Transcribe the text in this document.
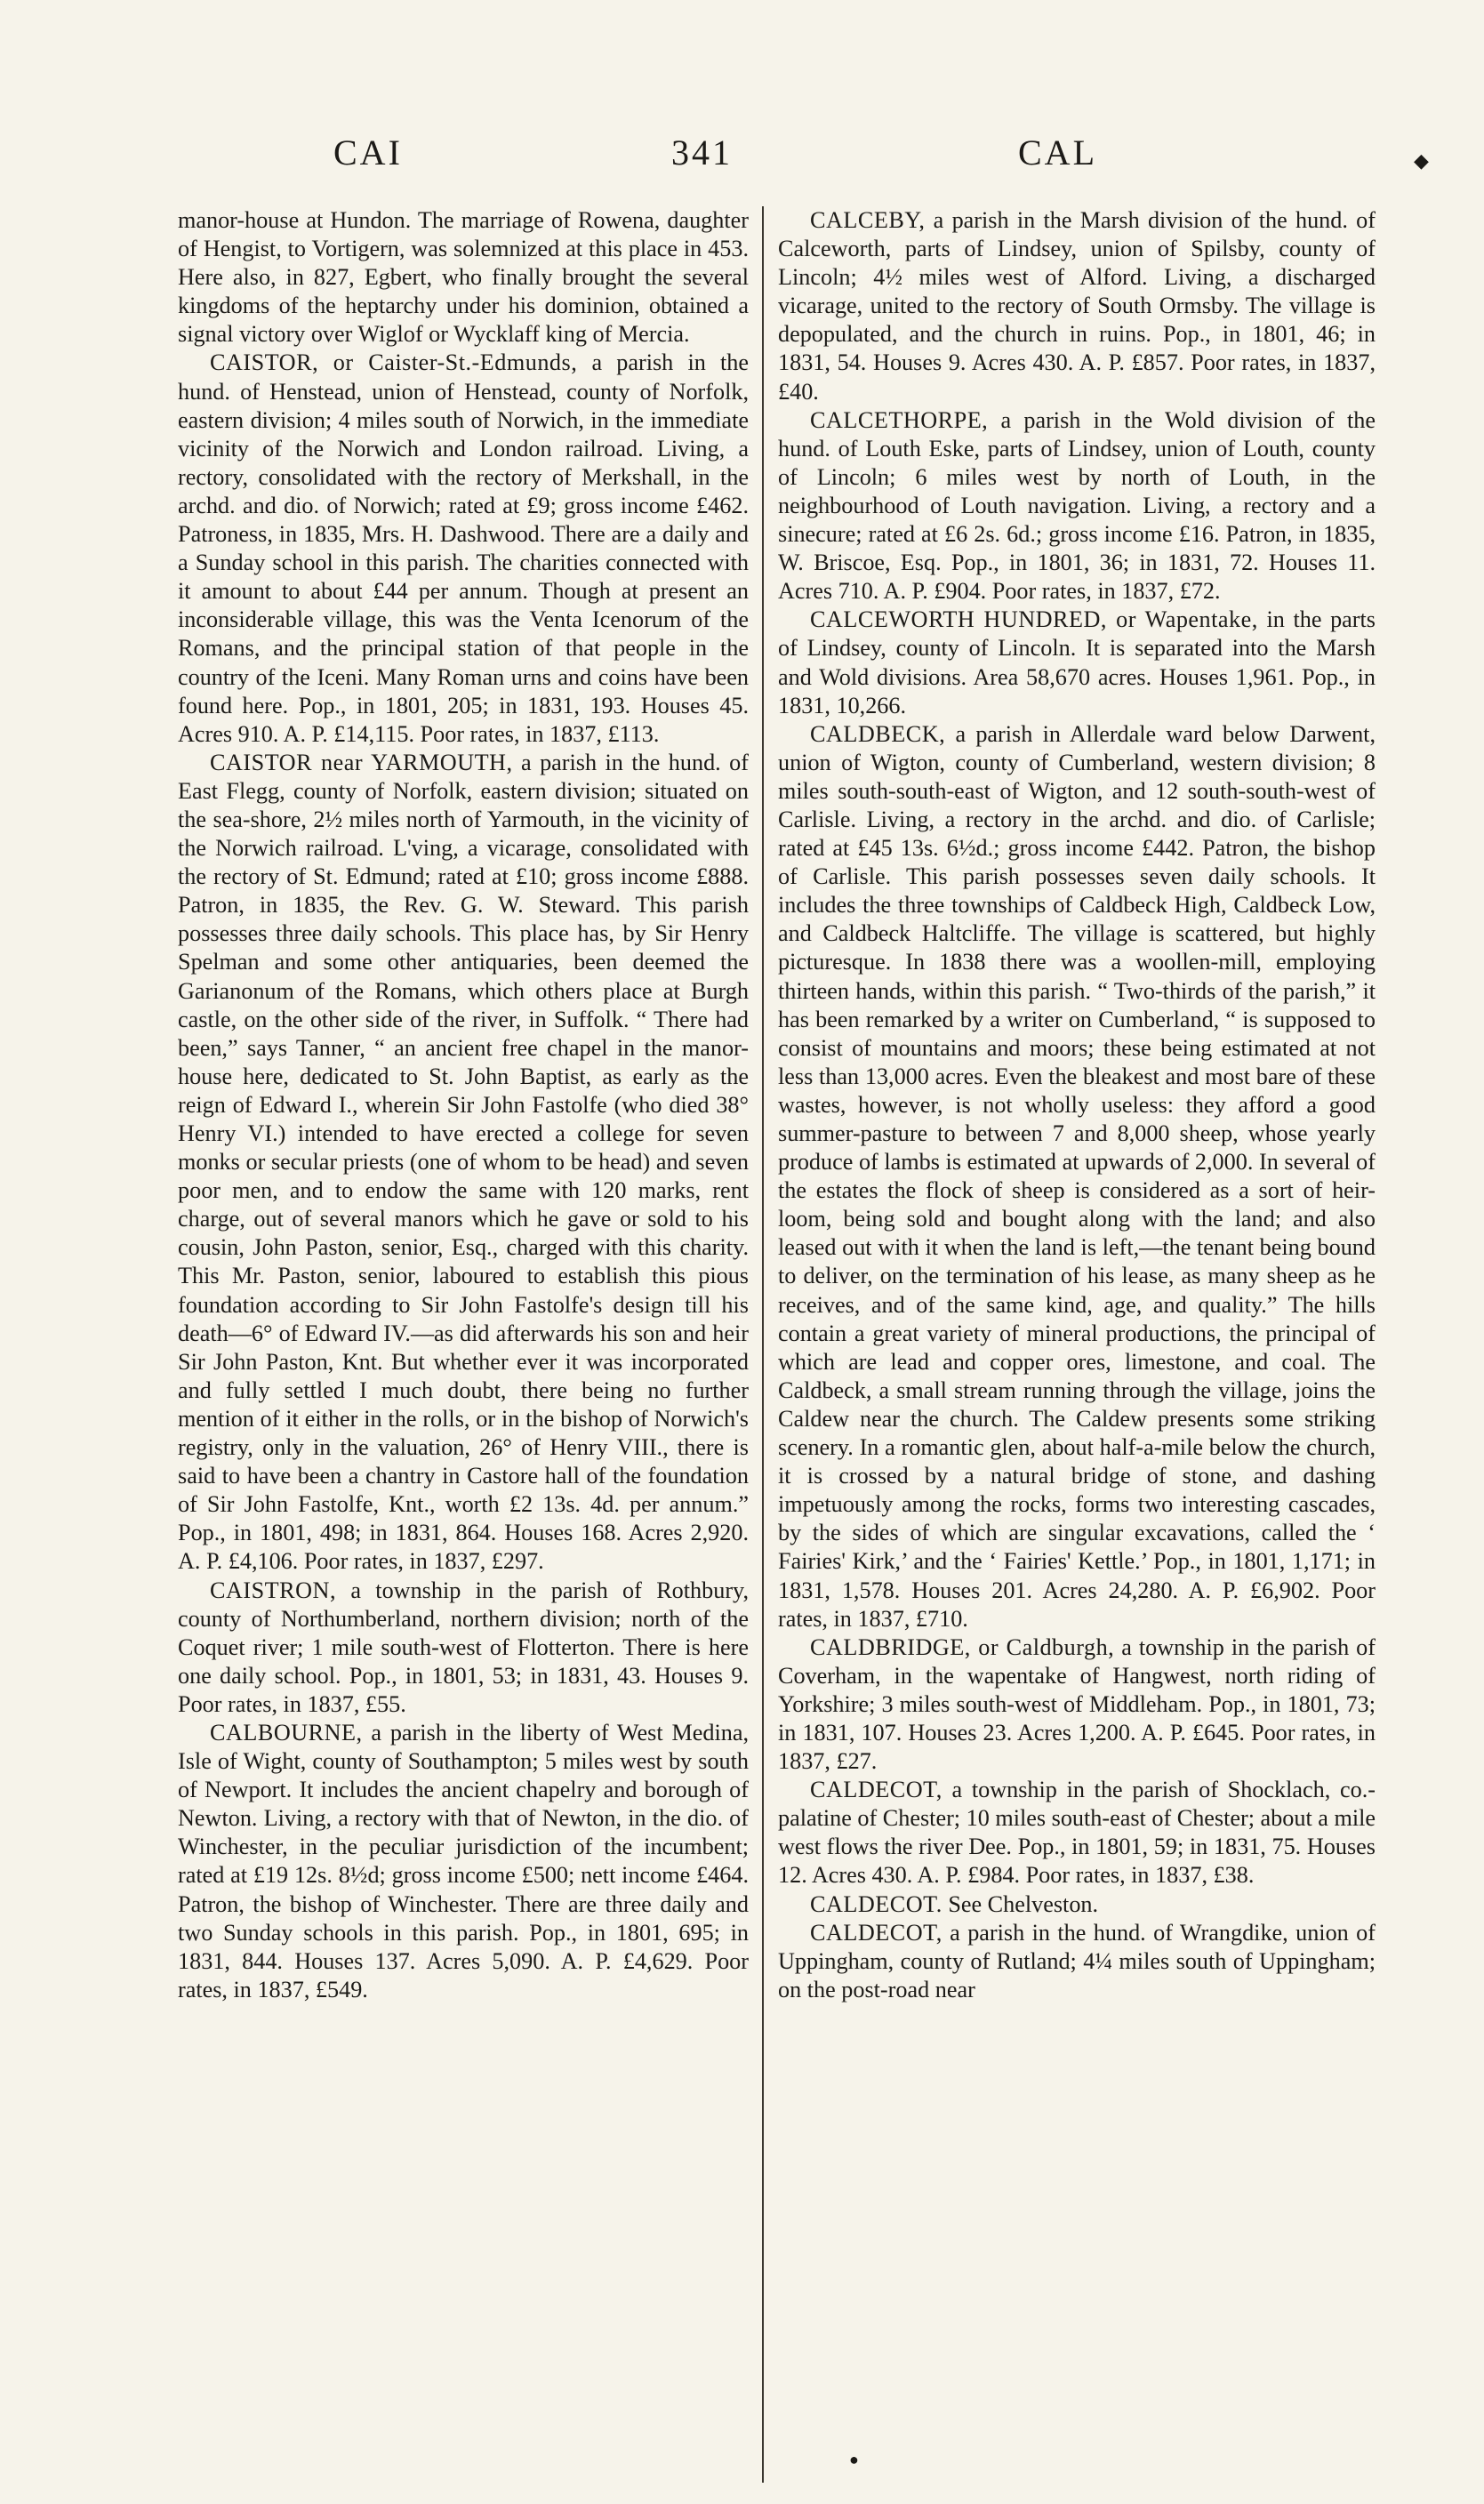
CAI	341	CAL	◆

manor-house at Hundon. The marriage of Rowena, daughter of Hengist, to Vortigern, was solemnized at this place in 453. Here also, in 827, Egbert, who finally brought the several kingdoms of the heptarchy under his dominion, obtained a signal victory over Wiglof or Wycklaff king of Mercia.

CAISTOR, or Caister-St.-Edmunds, a parish in the hund. of Henstead, union of Henstead, county of Norfolk, eastern division; 4 miles south of Norwich, in the immediate vicinity of the Norwich and London railroad. Living, a rectory, consolidated with the rectory of Merkshall, in the archd. and dio. of Norwich; rated at £9; gross income £462. Patroness, in 1835, Mrs. H. Dashwood. There are a daily and a Sunday school in this parish. The charities connected with it amount to about £44 per annum. Though at present an inconsiderable village, this was the Venta Icenorum of the Romans, and the principal station of that people in the country of the Iceni. Many Roman urns and coins have been found here. Pop., in 1801, 205; in 1831, 193. Houses 45. Acres 910. A. P. £14,115. Poor rates, in 1837, £113.

CAISTOR near YARMOUTH, a parish in the hund. of East Flegg, county of Norfolk, eastern division; situated on the sea-shore, 2½ miles north of Yarmouth, in the vicinity of the Norwich railroad. L'ving, a vicarage, consolidated with the rectory of St. Edmund; rated at £10; gross income £888. Patron, in 1835, the Rev. G. W. Steward. This parish possesses three daily schools. This place has, by Sir Henry Spelman and some other antiquaries, been deemed the Garianonum of the Romans, which others place at Burgh castle, on the other side of the river, in Suffolk. “ There had been,” says Tanner, “ an ancient free chapel in the manor-house here, dedicated to St. John Baptist, as early as the reign of Edward I., wherein Sir John Fastolfe (who died 38° Henry VI.) intended to have erected a college for seven monks or secular priests (one of whom to be head) and seven poor men, and to endow the same with 120 marks, rent charge, out of several manors which he gave or sold to his cousin, John Paston, senior, Esq., charged with this charity. This Mr. Paston, senior, laboured to establish this pious foundation according to Sir John Fastolfe's design till his death—6° of Edward IV.—as did afterwards his son and heir Sir John Paston, Knt. But whether ever it was incorporated and fully settled I much doubt, there being no further mention of it either in the rolls, or in the bishop of Norwich's registry, only in the valuation, 26° of Henry VIII., there is said to have been a chantry in Castore hall of the foundation of Sir John Fastolfe, Knt., worth £2 13s. 4d. per annum.” Pop., in 1801, 498; in 1831, 864. Houses 168. Acres 2,920. A. P. £4,106. Poor rates, in 1837, £297.

CAISTRON, a township in the parish of Rothbury, county of Northumberland, northern division; north of the Coquet river; 1 mile south-west of Flotterton. There is here one daily school. Pop., in 1801, 53; in 1831, 43. Houses 9. Poor rates, in 1837, £55.

CALBOURNE, a parish in the liberty of West Medina, Isle of Wight, county of Southampton; 5 miles west by south of Newport. It includes the ancient chapelry and borough of Newton. Living, a rectory with that of Newton, in the dio. of Winchester, in the peculiar jurisdiction of the incumbent; rated at £19 12s. 8½d; gross income £500; nett income £464. Patron, the bishop of Winchester. There are three daily and two Sunday schools in this parish. Pop., in 1801, 695; in 1831, 844. Houses 137. Acres 5,090. A. P. £4,629. Poor rates, in 1837, £549.

CALCEBY, a parish in the Marsh division of the hund. of Calceworth, parts of Lindsey, union of Spilsby, county of Lincoln; 4½ miles west of Alford. Living, a discharged vicarage, united to the rectory of South Ormsby. The village is depopulated, and the church in ruins. Pop., in 1801, 46; in 1831, 54. Houses 9. Acres 430. A. P. £857. Poor rates, in 1837, £40.

CALCETHORPE, a parish in the Wold division of the hund. of Louth Eske, parts of Lindsey, union of Louth, county of Lincoln; 6 miles west by north of Louth, in the neighbourhood of Louth navigation. Living, a rectory and a sinecure; rated at £6 2s. 6d.; gross income £16. Patron, in 1835, W. Briscoe, Esq. Pop., in 1801, 36; in 1831, 72. Houses 11. Acres 710. A. P. £904. Poor rates, in 1837, £72.

CALCEWORTH HUNDRED, or Wapentake, in the parts of Lindsey, county of Lincoln. It is separated into the Marsh and Wold divisions. Area 58,670 acres. Houses 1,961. Pop., in 1831, 10,266.

CALDBECK, a parish in Allerdale ward below Darwent, union of Wigton, county of Cumberland, western division; 8 miles south-south-east of Wigton, and 12 south-south-west of Carlisle. Living, a rectory in the archd. and dio. of Carlisle; rated at £45 13s. 6½d.; gross income £442. Patron, the bishop of Carlisle. This parish possesses seven daily schools. It includes the three townships of Caldbeck High, Caldbeck Low, and Caldbeck Haltcliffe. The village is scattered, but highly picturesque. In 1838 there was a woollen-mill, employing thirteen hands, within this parish. “ Two-thirds of the parish,” it has been remarked by a writer on Cumberland, “ is supposed to consist of mountains and moors; these being estimated at not less than 13,000 acres. Even the bleakest and most bare of these wastes, however, is not wholly useless: they afford a good summer-pasture to between 7 and 8,000 sheep, whose yearly produce of lambs is estimated at upwards of 2,000. In several of the estates the flock of sheep is considered as a sort of heir-loom, being sold and bought along with the land; and also leased out with it when the land is left,—the tenant being bound to deliver, on the termination of his lease, as many sheep as he receives, and of the same kind, age, and quality.” The hills contain a great variety of mineral productions, the principal of which are lead and copper ores, limestone, and coal. The Caldbeck, a small stream running through the village, joins the Caldew near the church. The Caldew presents some striking scenery. In a romantic glen, about half-a-mile below the church, it is crossed by a natural bridge of stone, and dashing impetuously among the rocks, forms two interesting cascades, by the sides of which are singular excavations, called the ‘ Fairies' Kirk,’ and the ‘ Fairies' Kettle.’ Pop., in 1801, 1,171; in 1831, 1,578. Houses 201. Acres 24,280. A. P. £6,902. Poor rates, in 1837, £710.

CALDBRIDGE, or Caldburgh, a township in the parish of Coverham, in the wapentake of Hangwest, north riding of Yorkshire; 3 miles south-west of Middleham. Pop., in 1801, 73; in 1831, 107. Houses 23. Acres 1,200. A. P. £645. Poor rates, in 1837, £27.

CALDECOT, a township in the parish of Shocklach, co.-palatine of Chester; 10 miles south-east of Chester; about a mile west flows the river Dee. Pop., in 1801, 59; in 1831, 75. Houses 12. Acres 430. A. P. £984. Poor rates, in 1837, £38.

CALDECOT. See Chelveston.

CALDECOT, a parish in the hund. of Wrangdike, union of Uppingham, county of Rutland; 4¼ miles south of Uppingham; on the post-road near

●
